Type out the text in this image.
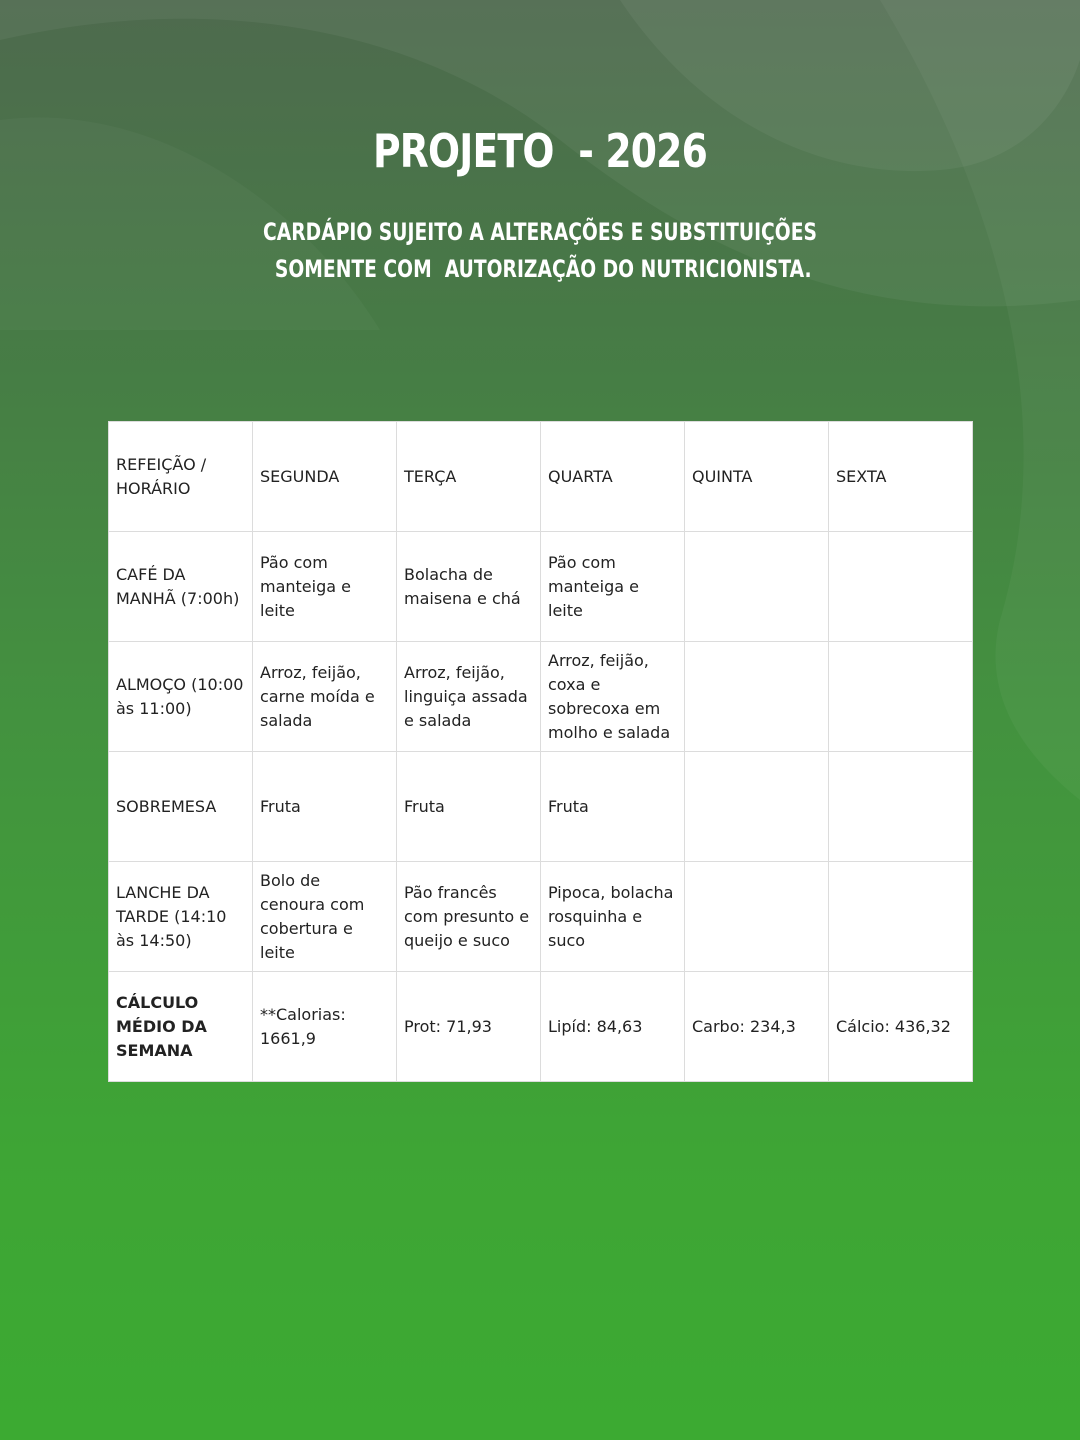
PROJETO  - 2026
CARDÁPIO SUJEITO A ALTERAÇÕES E SUBSTITUIÇÕES
SOMENTE COM  AUTORIZAÇÃO DO NUTRICIONISTA.
REFEIÇÃO / HORÁRIO	SEGUNDA	TERÇA	QUARTA	QUINTA	SEXTA
CAFÉ DA MANHÃ (7:00h)	Pão com manteiga e leite	Bolacha de maisena e chá	Pão com manteiga e leite		
ALMOÇO (10:00 às 11:00)	Arroz, feijão, carne moída e salada	Arroz, feijão, linguiça assada e salada	Arroz, feijão, coxa e sobrecoxa em molho e salada		
SOBREMESA	Fruta	Fruta	Fruta		
LANCHE DA TARDE (14:10 às 14:50)	Bolo de cenoura com cobertura e leite	Pão francês com presunto e queijo e suco	Pipoca, bolacha rosquinha e suco		
CÁLCULO MÉDIO DA SEMANA	**Calorias: 1661,9	Prot: 71,93	Lipíd: 84,63	Carbo: 234,3	Cálcio: 436,32
